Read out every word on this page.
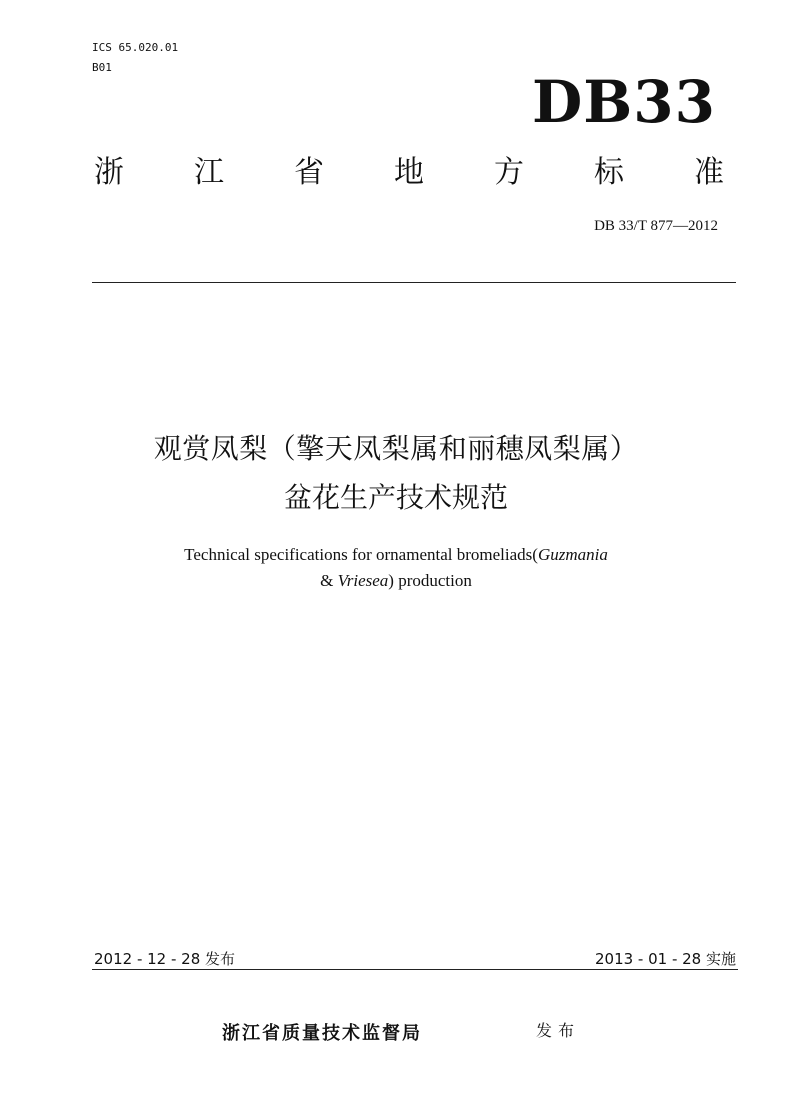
ICS 65.020.01
B01
DB33
浙 江 省 地 方 标 准
DB 33/T 877—2012
观赏凤梨（擎天凤梨属和丽穗凤梨属）
盆花生产技术规范
Technical specifications for ornamental bromeliads(Guzmania
& Vriesea) production
2012 - 12 - 28 发布	2013 - 01 - 28 实施
浙江省质量技术监督局	发布
